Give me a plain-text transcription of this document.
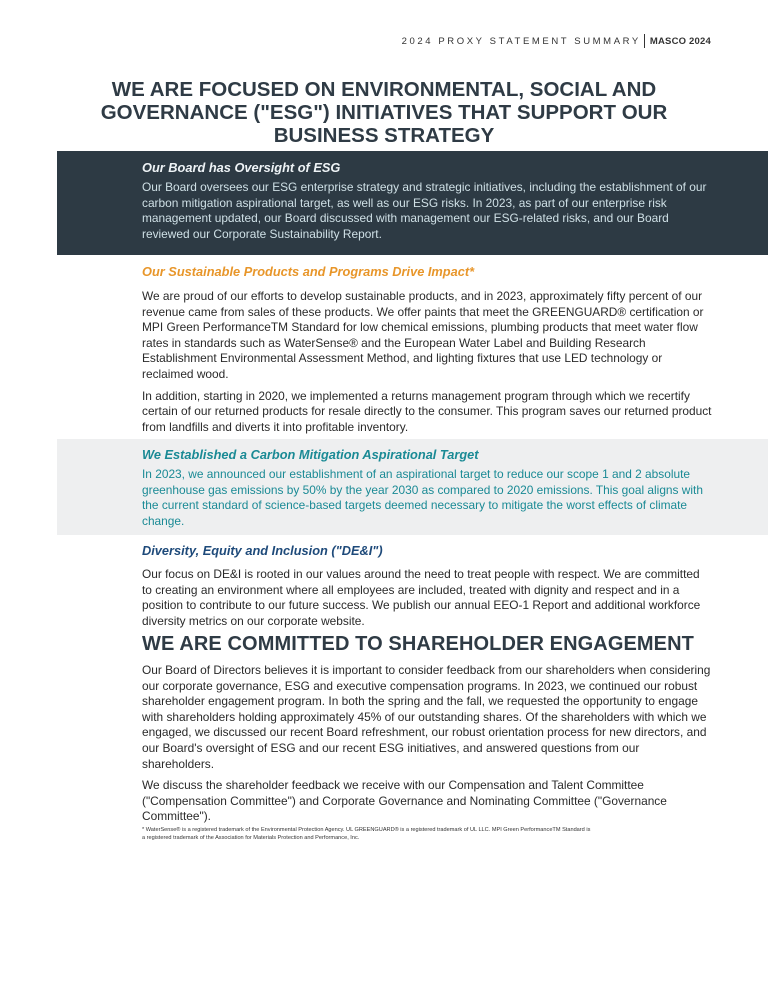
2024 PROXY STATEMENT SUMMARY MASCO 2024
WE ARE FOCUSED ON ENVIRONMENTAL, SOCIAL AND GOVERNANCE ("ESG") INITIATIVES THAT SUPPORT OUR BUSINESS STRATEGY
Our Board has Oversight of ESG

Our Board oversees our ESG enterprise strategy and strategic initiatives, including the establishment of our carbon mitigation aspirational target, as well as our ESG risks. In 2023, as part of our enterprise risk management updated, our Board discussed with management our ESG-related risks, and our Board reviewed our Corporate Sustainability Report.

Our Sustainable Products and Programs Drive Impact*

We are proud of our efforts to develop sustainable products, and in 2023, approximately fifty percent of our revenue came from sales of these products. We offer paints that meet the GREENGUARD® certification or MPI Green PerformanceTM Standard for low chemical emissions, plumbing products that meet water flow rates in standards such as WaterSense® and the European Water Label and Building Research Establishment Environmental Assessment Method, and lighting fixtures that use LED technology or reclaimed wood.

In addition, starting in 2020, we implemented a returns management program through which we recertify certain of our returned products for resale directly to the consumer. This program saves our returned product from landfills and diverts it into profitable inventory.

We Established a Carbon Mitigation Aspirational Target

In 2023, we announced our establishment of an aspirational target to reduce our scope 1 and 2 absolute greenhouse gas emissions by 50% by the year 2030 as compared to 2020 emissions. This goal aligns with the current standard of science-based targets deemed necessary to mitigate the worst effects of climate change.

Diversity, Equity and Inclusion ("DE&I")

Our focus on DE&I is rooted in our values around the need to treat people with respect. We are committed to creating an environment where all employees are included, treated with dignity and respect and in a position to contribute to our future success. We publish our annual EEO-1 Report and additional workforce diversity metrics on our corporate website.

WE ARE COMMITTED TO SHAREHOLDER ENGAGEMENT

Our Board of Directors believes it is important to consider feedback from our shareholders when considering our corporate governance, ESG and executive compensation programs. In 2023, we continued our robust shareholder engagement program. In both the spring and the fall, we requested the opportunity to engage with shareholders holding approximately 45% of our outstanding shares. Of the shareholders with which we engaged, we discussed our recent Board refreshment, our robust orientation process for new directors, and our Board's oversight of ESG and our recent ESG initiatives, and answered questions from our shareholders.

We discuss the shareholder feedback we receive with our Compensation and Talent Committee ("Compensation Committee") and Corporate Governance and Nominating Committee ("Governance Committee").

* WaterSense® is a registered trademark of the Environmental Protection Agency. UL GREENGUARD® is a registered trademark of UL LLC. MPI Green PerformanceTM Standard is a registered trademark of the Association for Materials Protection and Performance, Inc.
